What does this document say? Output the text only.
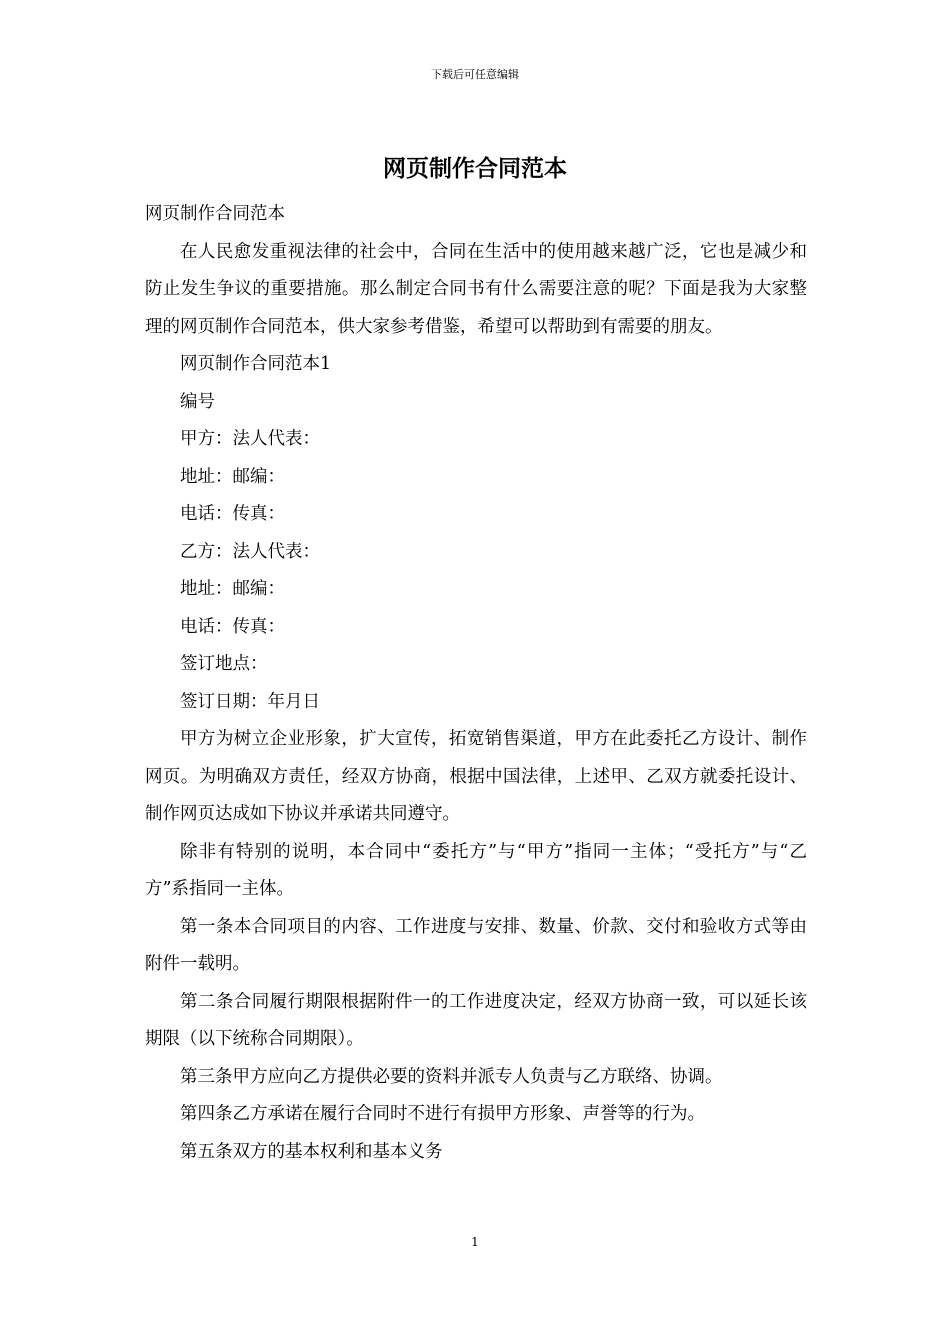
下载后可任意编辑
网页制作合同范本

网页制作合同范本

在人民愈发重视法律的社会中，合同在生活中的使用越来越广泛，它也是减少和防止发生争议的重要措施。那么制定合同书有什么需要注意的呢？下面是我为大家整理的网页制作合同范本，供大家参考借鉴，希望可以帮助到有需要的朋友。

网页制作合同范本1

编号

甲方：法人代表：

地址：邮编：

电话：传真：

乙方：法人代表：

地址：邮编：

电话：传真：

签订地点：

签订日期：年月日

甲方为树立企业形象，扩大宣传，拓宽销售渠道，甲方在此委托乙方设计、制作网页。为明确双方责任，经双方协商，根据中国法律，上述甲、乙双方就委托设计、制作网页达成如下协议并承诺共同遵守。

除非有特别的说明，本合同中“委托方”与“甲方”指同一主体；“受托方”与“乙方”系指同一主体。

第一条本合同项目的内容、工作进度与安排、数量、价款、交付和验收方式等由附件一载明。

第二条合同履行期限根据附件一的工作进度决定，经双方协商一致，可以延长该期限（以下统称合同期限）。

第三条甲方应向乙方提供必要的资料并派专人负责与乙方联络、协调。

第四条乙方承诺在履行合同时不进行有损甲方形象、声誉等的行为。

第五条双方的基本权利和基本义务

1
